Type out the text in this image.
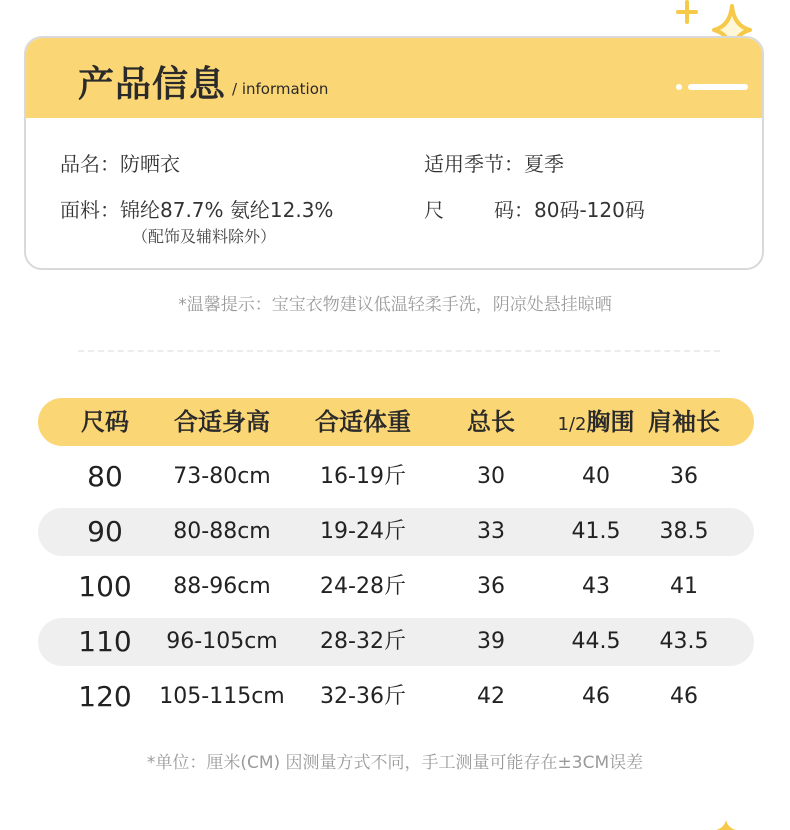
产品信息 / information
品名：防晒衣	适用季节：夏季
面料：锦纶87.7% 氨纶12.3%
（配饰及辅料除外）
尺	码：80码-120码
*温馨提示：宝宝衣物建议低温轻柔手洗，阴凉处悬挂晾晒
尺码 合适身高 合适体重 总长 1/2胸围 肩袖长
80 73-80cm 16-19斤	30	40	36
90 80-88cm 19-24斤	33	41.5 38.5
100 88-96cm 24-28斤	36	43	41
110 96-105cm 28-32斤	39	44.5 43.5
120 105-115cm 32-36斤	42	46	46
*单位：厘米(CM) 因测量方式不同，手工测量可能存在±3CM误差
